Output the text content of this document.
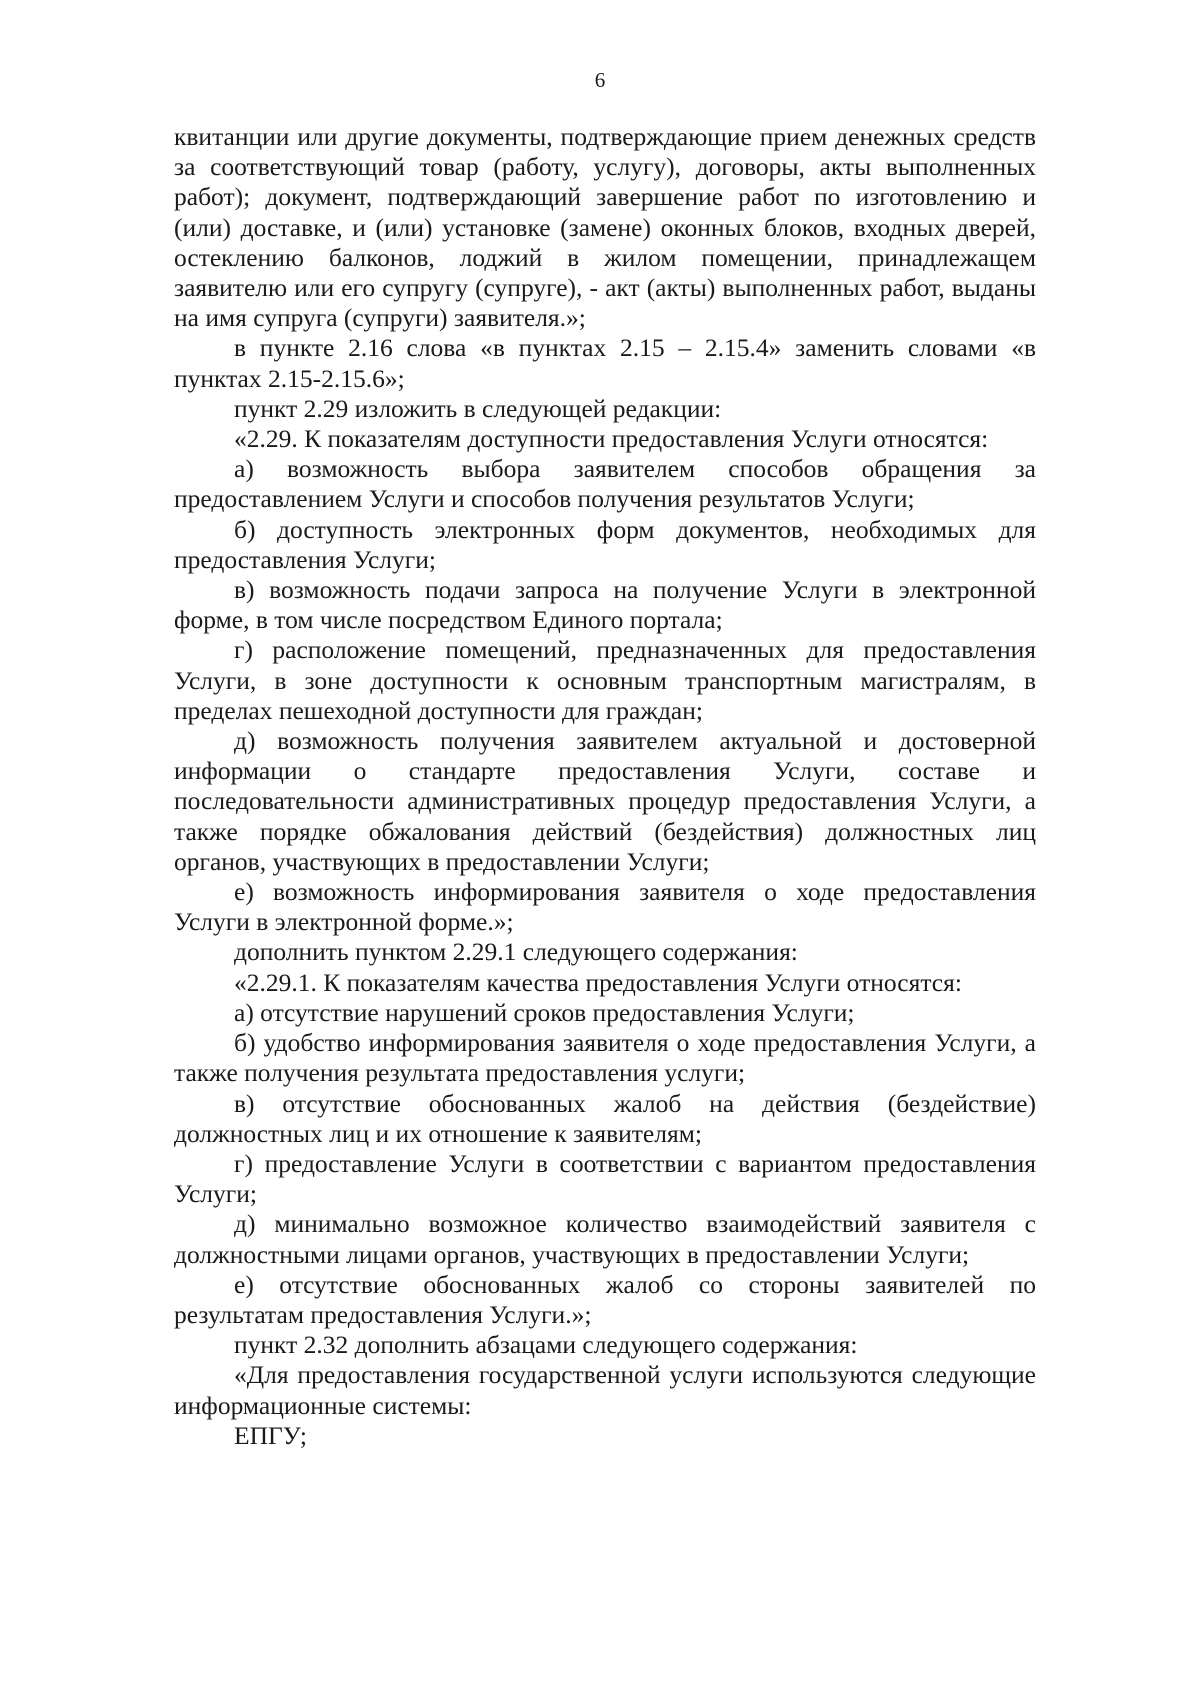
6

квитанции или другие документы, подтверждающие прием денежных средств за соответствующий товар (работу, услугу), договоры, акты выполненных работ); документ, подтверждающий завершение работ по изготовлению и (или) доставке, и (или) установке (замене) оконных блоков, входных дверей, остеклению балконов, лоджий в жилом помещении, принадлежащем заявителю или его супругу (супруге), - акт (акты) выполненных работ, выданы на имя супруга (супруги) заявителя.»;

в пункте 2.16 слова «в пунктах 2.15 – 2.15.4» заменить словами «в пунктах 2.15-2.15.6»;

пункт 2.29 изложить в следующей редакции:

«2.29. К показателям доступности предоставления Услуги относятся:

а) возможность выбора заявителем способов обращения за предоставлением Услуги и способов получения результатов Услуги;

б) доступность электронных форм документов, необходимых для предоставления Услуги;

в) возможность подачи запроса на получение Услуги в электронной форме, в том числе посредством Единого портала;

г) расположение помещений, предназначенных для предоставления Услуги, в зоне доступности к основным транспортным магистралям, в пределах пешеходной доступности для граждан;

д) возможность получения заявителем актуальной и достоверной информации о стандарте предоставления Услуги, составе и последовательности административных процедур предоставления Услуги, а также порядке обжалования действий (бездействия) должностных лиц органов, участвующих в предоставлении Услуги;

е) возможность информирования заявителя о ходе предоставления Услуги в электронной форме.»;

дополнить пунктом 2.29.1 следующего содержания:

«2.29.1. К показателям качества предоставления Услуги относятся:

а) отсутствие нарушений сроков предоставления Услуги;

б) удобство информирования заявителя о ходе предоставления Услуги, а также получения результата предоставления услуги;

в) отсутствие обоснованных жалоб на действия (бездействие) должностных лиц и их отношение к заявителям;

г) предоставление Услуги в соответствии с вариантом предоставления Услуги;

д) минимально возможное количество взаимодействий заявителя с должностными лицами органов, участвующих в предоставлении Услуги;

е) отсутствие обоснованных жалоб со стороны заявителей по результатам предоставления Услуги.»;

пункт 2.32 дополнить абзацами следующего содержания:

«Для предоставления государственной услуги используются следующие информационные системы:

ЕПГУ;
